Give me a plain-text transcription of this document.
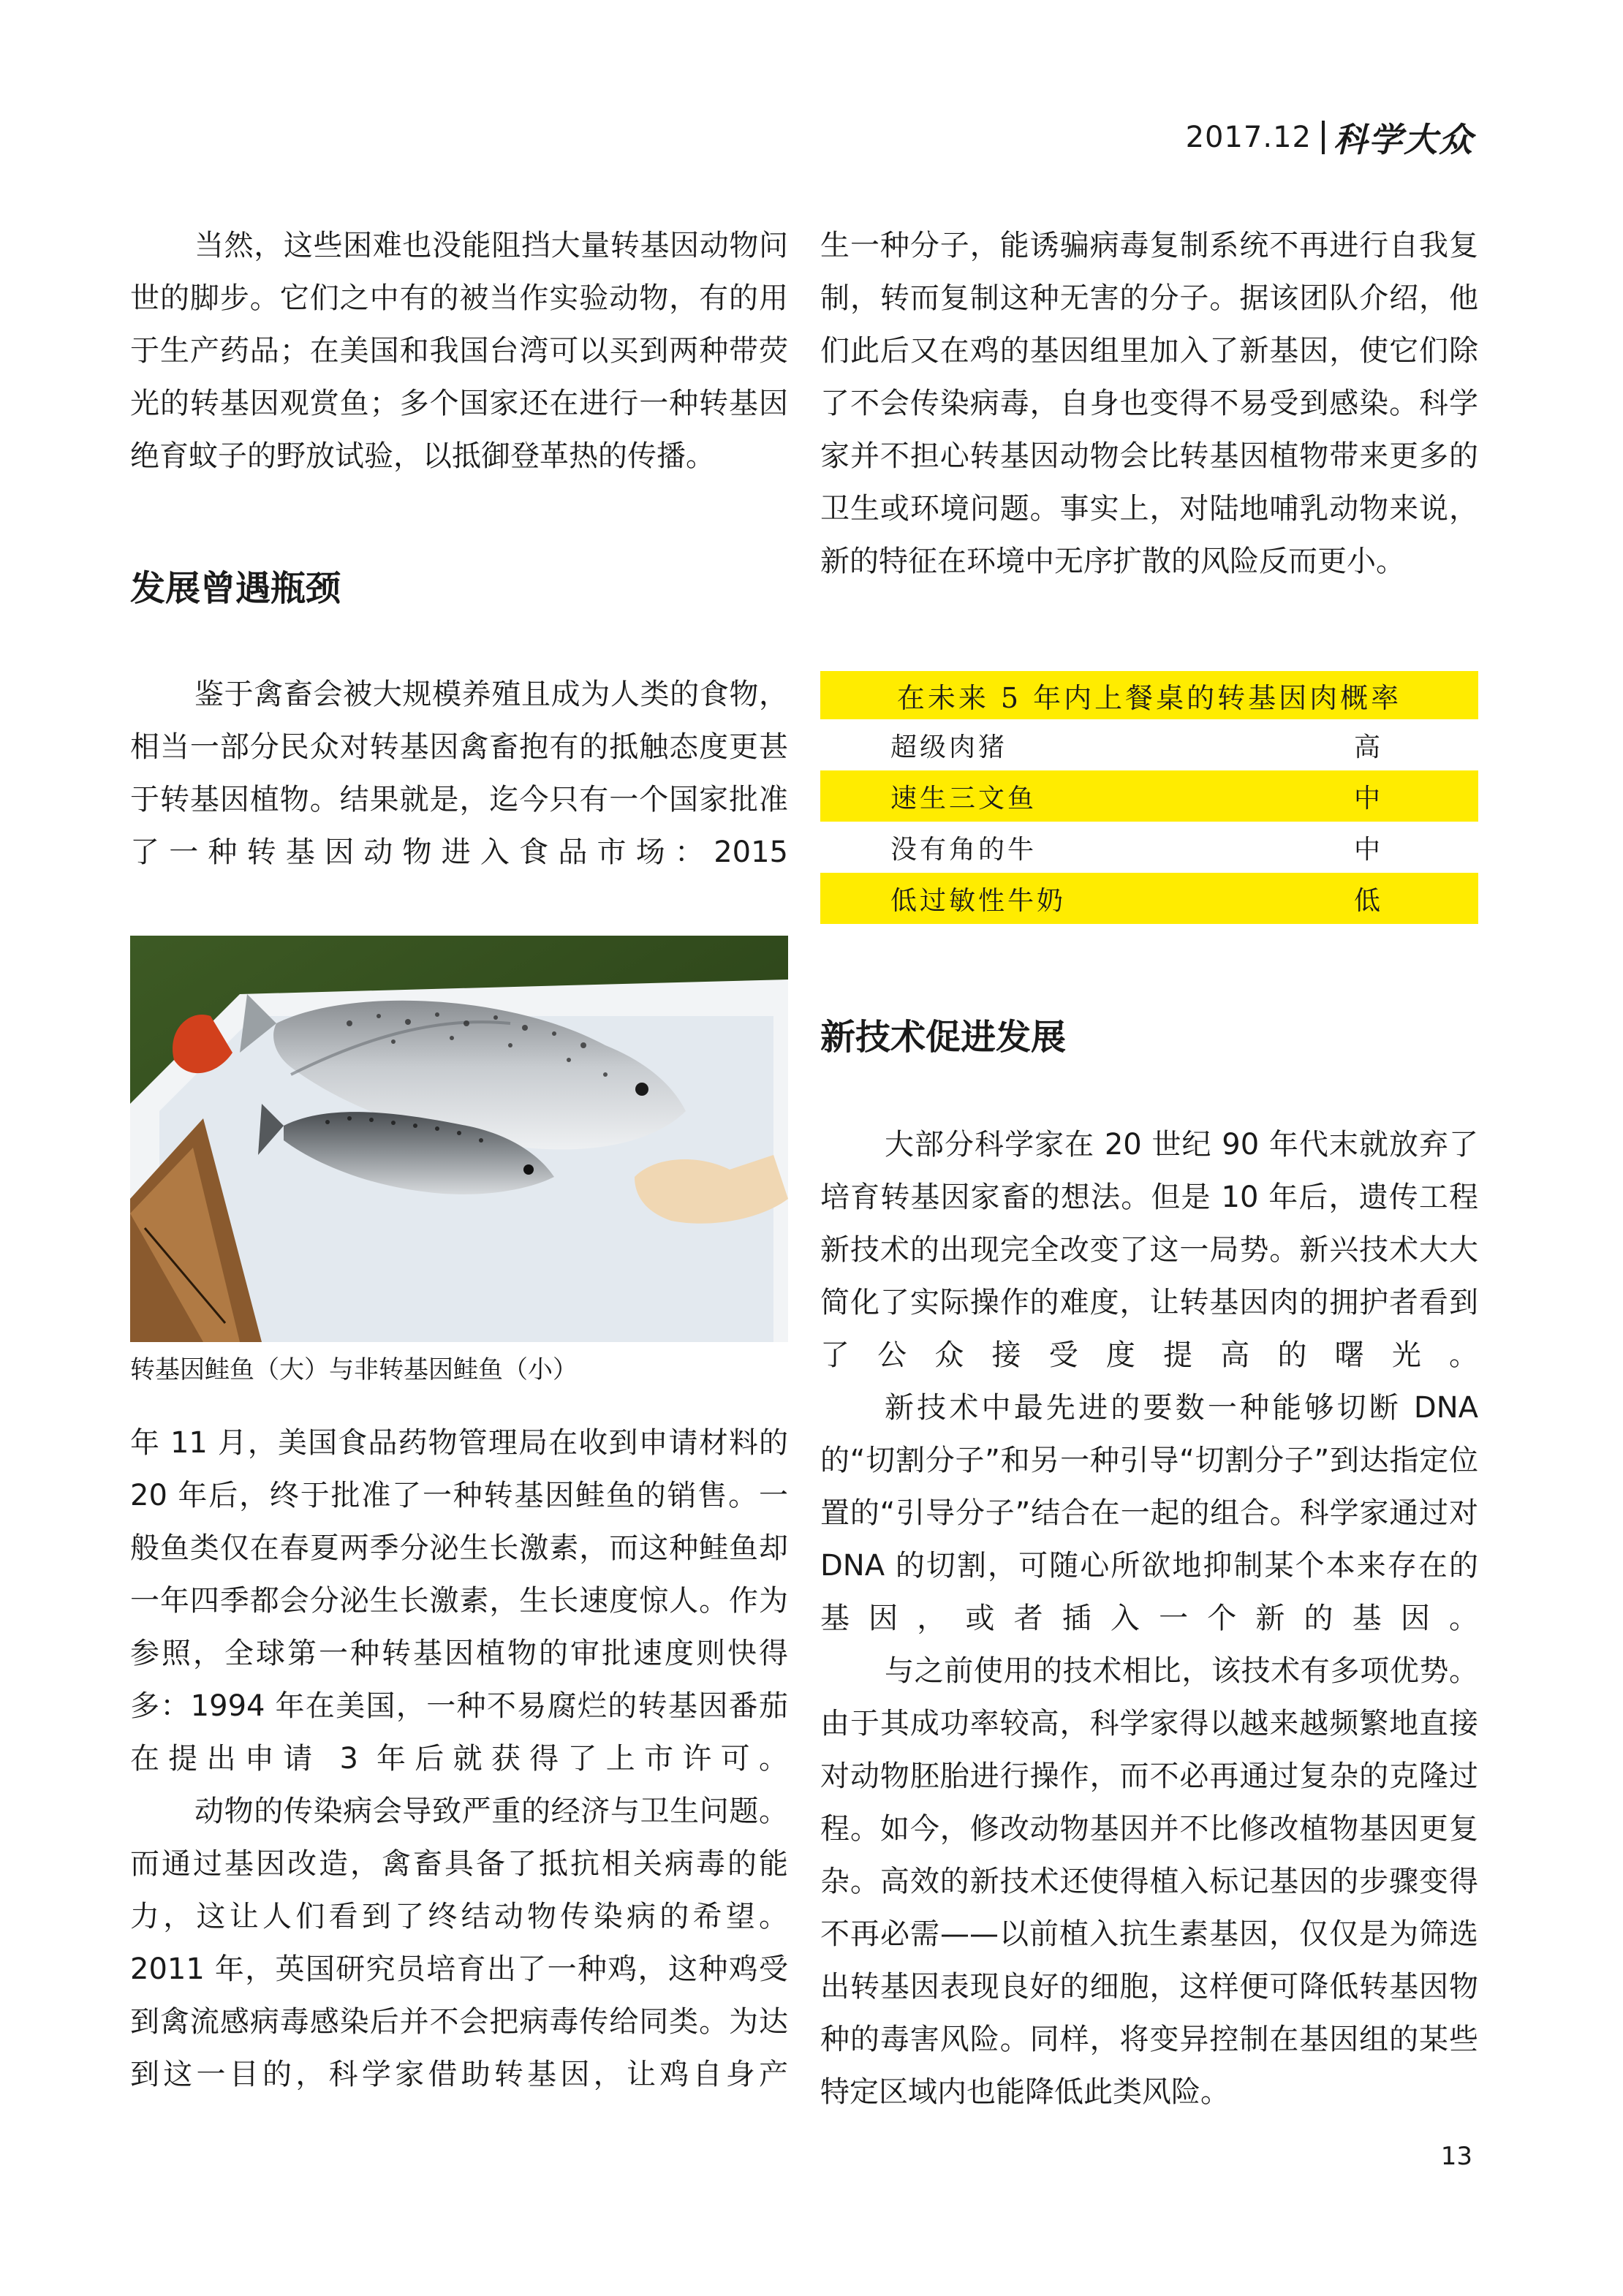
2017.12 科学大众

当然，这些困难也没能阻挡大量转基因动物问世的脚步。它们之中有的被当作实验动物，有的用于生产药品；在美国和我国台湾可以买到两种带荧光的转基因观赏鱼；多个国家还在进行一种转基因绝育蚊子的野放试验，以抵御登革热的传播。

发展曾遇瓶颈

鉴于禽畜会被大规模养殖且成为人类的食物，相当一部分民众对转基因禽畜抱有的抵触态度更甚于转基因植物。结果就是，迄今只有一个国家批准了一种转基因动物进入食品市场：2015

转基因鲑鱼（大）与非转基因鲑鱼（小）

年 11 月，美国食品药物管理局在收到申请材料的 20 年后，终于批准了一种转基因鲑鱼的销售。一般鱼类仅在春夏两季分泌生长激素，而这种鲑鱼却一年四季都会分泌生长激素，生长速度惊人。作为参照，全球第一种转基因植物的审批速度则快得多：1994 年在美国，一种不易腐烂的转基因番茄在提出申请 3 年后就获得了上市许可。

动物的传染病会导致严重的经济与卫生问题。而通过基因改造，禽畜具备了抵抗相关病毒的能力，这让人们看到了终结动物传染病的希望。2011 年，英国研究员培育出了一种鸡，这种鸡受到禽流感病毒感染后并不会把病毒传给同类。为达到这一目的，科学家借助转基因，让鸡自身产

生一种分子，能诱骗病毒复制系统不再进行自我复制，转而复制这种无害的分子。据该团队介绍，他们此后又在鸡的基因组里加入了新基因，使它们除了不会传染病毒，自身也变得不易受到感染。科学家并不担心转基因动物会比转基因植物带来更多的卫生或环境问题。事实上，对陆地哺乳动物来说，新的特征在环境中无序扩散的风险反而更小。

在未来 5 年内上餐桌的转基因肉概率	
超级肉猪	高
速生三文鱼	中
没有角的牛	中
低过敏性牛奶	低
新技术促进发展

大部分科学家在 20 世纪 90 年代末就放弃了培育转基因家畜的想法。但是 10 年后，遗传工程新技术的出现完全改变了这一局势。新兴技术大大简化了实际操作的难度，让转基因肉的拥护者看到了公众接受度提高的曙光。

新技术中最先进的要数一种能够切断 DNA 的“切割分子”和另一种引导“切割分子”到达指定位置的“引导分子”结合在一起的组合。科学家通过对 DNA 的切割，可随心所欲地抑制某个本来存在的基因，或者插入一个新的基因。

与之前使用的技术相比，该技术有多项优势。由于其成功率较高，科学家得以越来越频繁地直接对动物胚胎进行操作，而不必再通过复杂的克隆过程。如今，修改动物基因并不比修改植物基因更复杂。高效的新技术还使得植入标记基因的步骤变得不再必需——以前植入抗生素基因，仅仅是为筛选出转基因表现良好的细胞，这样便可降低转基因物种的毒害风险。同样，将变异控制在基因组的某些特定区域内也能降低此类风险。

13
